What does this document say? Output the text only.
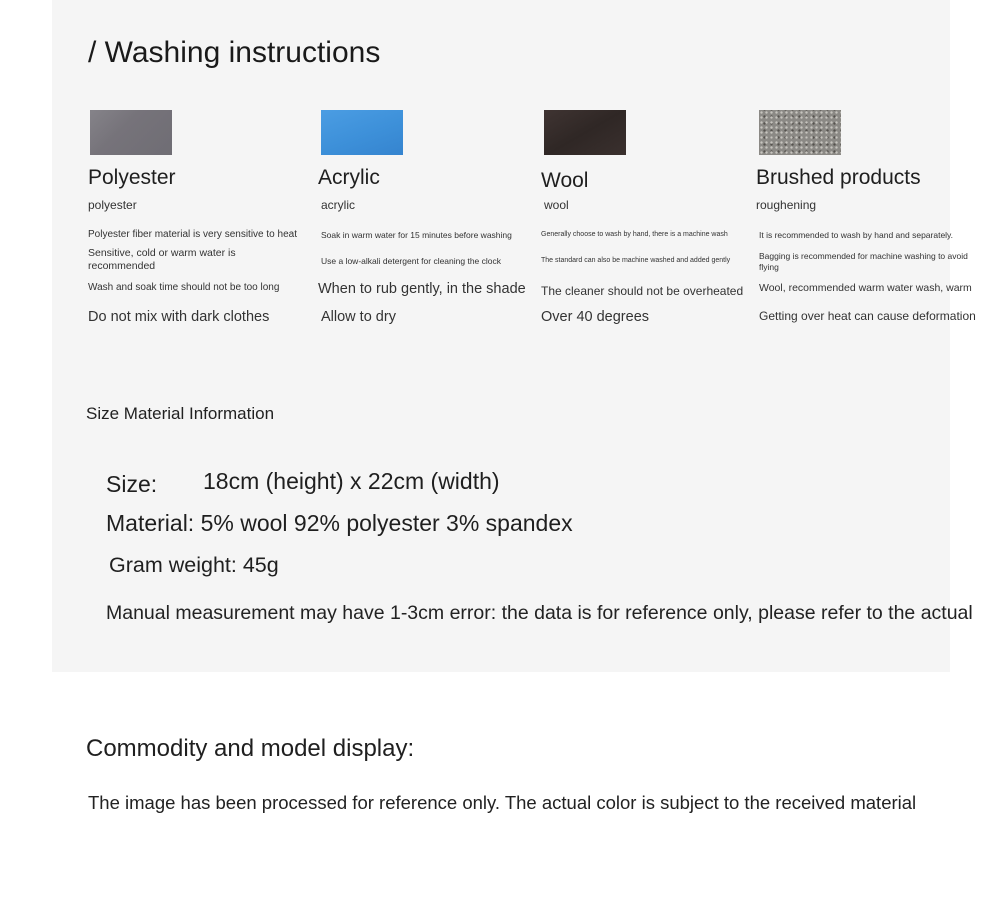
/ Washing instructions
Polyester
polyester
Polyester fiber material is very sensitive to heat
Sensitive, cold or warm water is recommended
Wash and soak time should not be too long
Do not mix with dark clothes
Acrylic
acrylic
Soak in warm water for 15 minutes before washing
Use a low-alkali detergent for cleaning the clock
When to rub gently, in the shade
Allow to dry
Wool
wool
Generally choose to wash by hand, there is a machine wash
The standard can also be machine washed and added gently
The cleaner should not be overheated
Over 40 degrees
Brushed products
roughening
It is recommended to wash by hand and separately.
Bagging is recommended for machine washing to avoid flying
Wool, recommended warm water wash, warm
Getting over heat can cause deformation
Size Material Information
Size: 18cm (height) x 22cm (width)
Material: 5% wool 92% polyester 3% spandex
Gram weight: 45g
Manual measurement may have 1-3cm error: the data is for reference only, please refer to the actual
Commodity and model display:
The image has been processed for reference only. The actual color is subject to the received material
